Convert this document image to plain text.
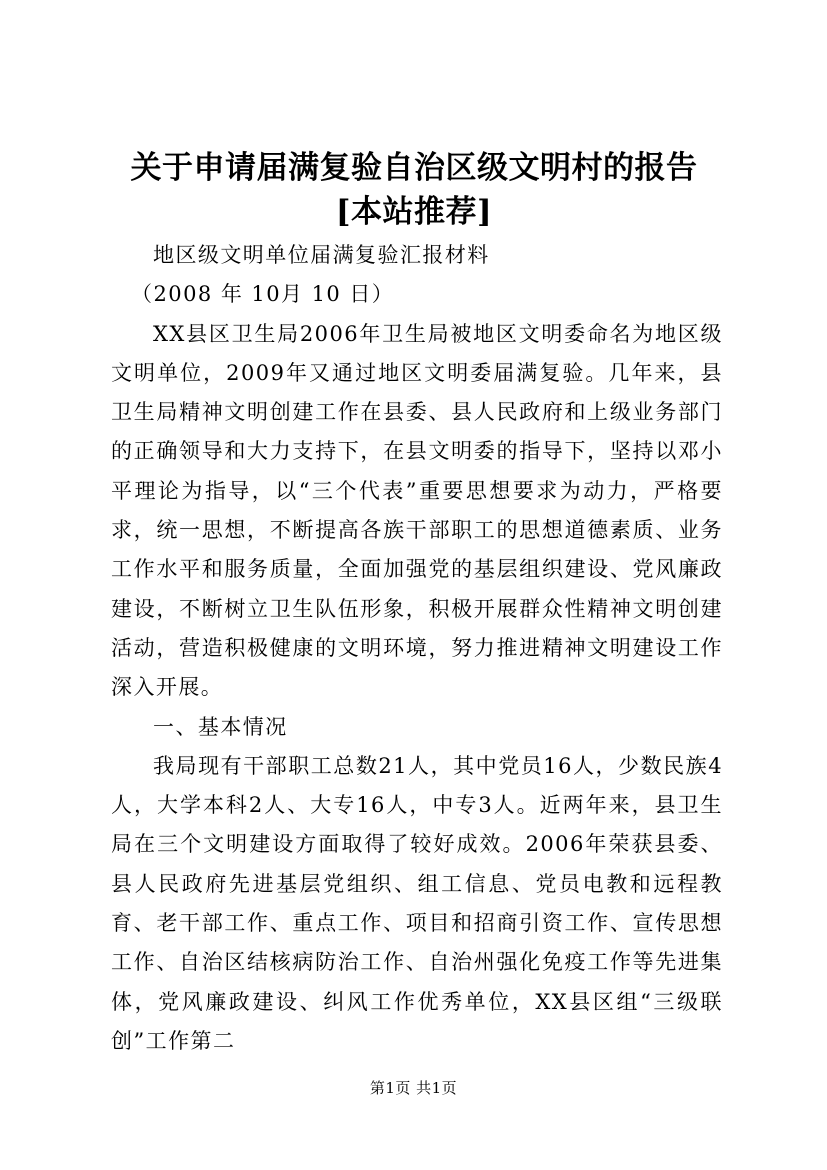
关于申请届满复验自治区级文明村的报告[本站推荐]

地区级文明单位届满复验汇报材料

（2008 年 10月 10 日）

XX县区卫生局2006年卫生局被地区文明委命名为地区级文明单位，2009年又通过地区文明委届满复验。几年来，县卫生局精神文明创建工作在县委、县人民政府和上级业务部门的正确领导和大力支持下，在县文明委的指导下，坚持以邓小平理论为指导，以“三个代表”重要思想要求为动力，严格要求，统一思想，不断提高各族干部职工的思想道德素质、业务工作水平和服务质量，全面加强党的基层组织建设、党风廉政建设，不断树立卫生队伍形象，积极开展群众性精神文明创建活动，营造积极健康的文明环境，努力推进精神文明建设工作深入开展。

一、基本情况

我局现有干部职工总数21人，其中党员16人，少数民族4人，大学本科2人、大专16人，中专3人。近两年来，县卫生局在三个文明建设方面取得了较好成效。2006年荣获县委、县人民政府先进基层党组织、组工信息、党员电教和远程教育、老干部工作、重点工作、项目和招商引资工作、宣传思想工作、自治区结核病防治工作、自治州强化免疫工作等先进集体，党风廉政建设、纠风工作优秀单位，XX县区组“三级联创”工作第二

第1页 共1页
